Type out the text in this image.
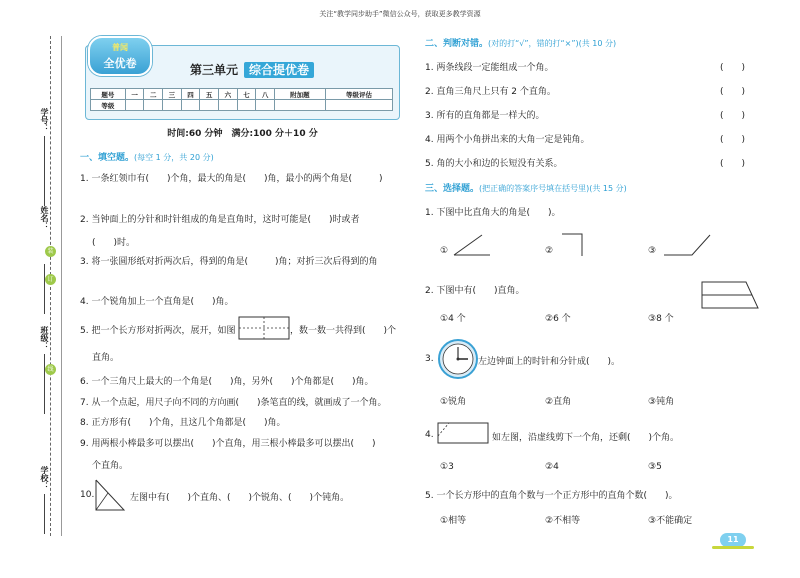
关注“教学同步助手”微信公众号，获取更多教学资源
学号：
装
姓名：
订
班级：
线
学校：
普闻
全优卷	第三单元 综合提优卷
题号	一	二	三	四	五	六	七	八	附加题	等级评估
等级										
时间:60 分钟　满分:100 分＋10 分
一、填空题。(每空 1 分，共 20 分)
1. 一条红领巾有(　　)个角，最大的角是(　　)角，最小的两个角是(　　　)
2. 当钟面上的分针和时针组成的角是直角时，这时可能是(　　)时或者
(　　)时。
3. 将一张圆形纸对折两次后，得到的角是(　　　)角；对折三次后得到的角
4. 一个锐角加上一个直角是(　　)角。
5. 把一个长方形对折两次，展开，如图	，数一数一共得到(　　)个
直角。
6. 一个三角尺上最大的一个角是(　　)角，另外(　　)个角都是(　　)角。
7. 从一个点起，用尺子向不同的方向画(　　)条笔直的线，就画成了一个角。
8. 正方形有(　　)个角，且这几个角都是(　　)角。
9. 用两根小棒最多可以摆出(　　)个直角，用三根小棒最多可以摆出(　　)
个直角。
10.	左图中有(　　)个直角、(　　)个锐角、(　　)个钝角。
二、判断对错。(对的打“√”，错的打“×”)(共 10 分)
1. 两条线段一定能组成一个角。	(　　)
2. 直角三角尺上只有 2 个直角。	(　　)
3. 所有的直角都是一样大的。	(　　)
4. 用两个小角拼出来的大角一定是钝角。	(　　)
5. 角的大小和边的长短没有关系。	(　　)
三、选择题。(把正确的答案序号填在括号里)(共 15 分)
1. 下图中比直角大的角是(　　)。
①	②	③
2. 下图中有(　　)直角。
①4 个	②6 个	③8 个
3.	左边钟面上的时针和分针成(　　)。
①锐角	②直角	③钝角
4.	如左图，沿虚线剪下一个角，还剩(　　)个角。
①3	②4	③5
5. 一个长方形中的直角个数与一个正方形中的直角个数(　　)。
①相等	②不相等	③不能确定
11
